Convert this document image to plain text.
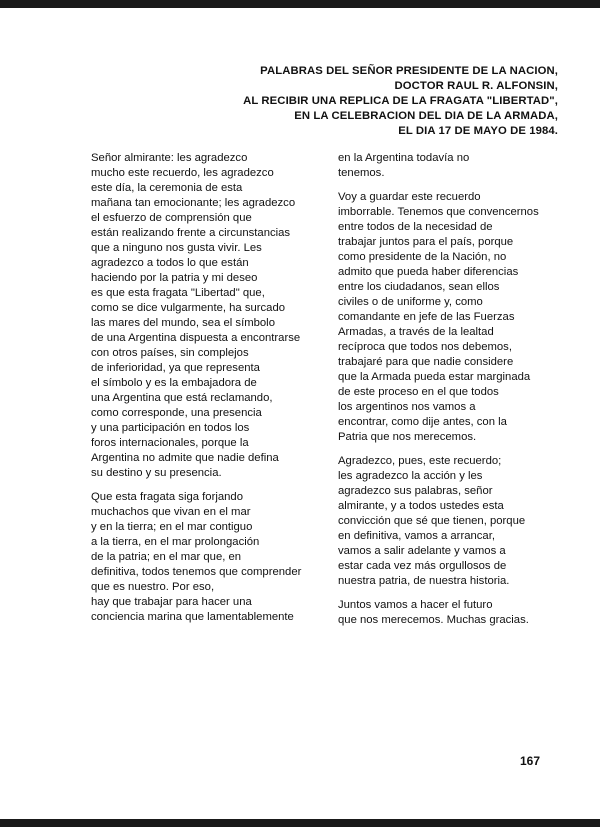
PALABRAS DEL SEÑOR PRESIDENTE DE LA NACION,
DOCTOR RAUL R. ALFONSIN,
AL RECIBIR UNA REPLICA DE LA FRAGATA "LIBERTAD",
EN LA CELEBRACION DEL DIA DE LA ARMADA,
EL DIA 17 DE MAYO DE 1984.

Señor almirante: les agradezco
mucho este recuerdo, les agradezco
este día, la ceremonia de esta
mañana tan emocionante; les agradezco
el esfuerzo de comprensión que
están realizando frente a circunstancias
que a ninguno nos gusta vivir. Les
agradezco a todos lo que están
haciendo por la patria y mi deseo
es que esta fragata "Libertad" que,
como se dice vulgarmente, ha surcado
las mares del mundo, sea el símbolo
de una Argentina dispuesta a encontrarse
con otros países, sin complejos
de inferioridad, ya que representa
el símbolo y es la embajadora de
una Argentina que está reclamando,
como corresponde, una presencia
y una participación en todos los
foros internacionales, porque la
Argentina no admite que nadie defina
su destino y su presencia.

Que esta fragata siga forjando
muchachos que vivan en el mar
y en la tierra; en el mar contiguo
a la tierra, en el mar prolongación
de la patria; en el mar que, en
definitiva, todos tenemos que comprender
que es nuestro. Por eso,
hay que trabajar para hacer una
conciencia marina que lamentablemente

en la Argentina todavía no
tenemos.

Voy a guardar este recuerdo
imborrable. Tenemos que convencernos
entre todos de la necesidad de
trabajar juntos para el país, porque
como presidente de la Nación, no
admito que pueda haber diferencias
entre los ciudadanos, sean ellos
civiles o de uniforme y, como
comandante en jefe de las Fuerzas
Armadas, a través de la lealtad
recíproca que todos nos debemos,
trabajaré para que nadie considere
que la Armada pueda estar marginada
de este proceso en el que todos
los argentinos nos vamos a
encontrar, como dije antes, con la
Patria que nos merecemos.

Agradezco, pues, este recuerdo;
les agradezco la acción y les
agradezco sus palabras, señor
almirante, y a todos ustedes esta
convicción que sé que tienen, porque
en definitiva, vamos a arrancar,
vamos a salir adelante y vamos a
estar cada vez más orgullosos de
nuestra patria, de nuestra historia.

Juntos vamos a hacer el futuro
que nos merecemos. Muchas gracias.

167
